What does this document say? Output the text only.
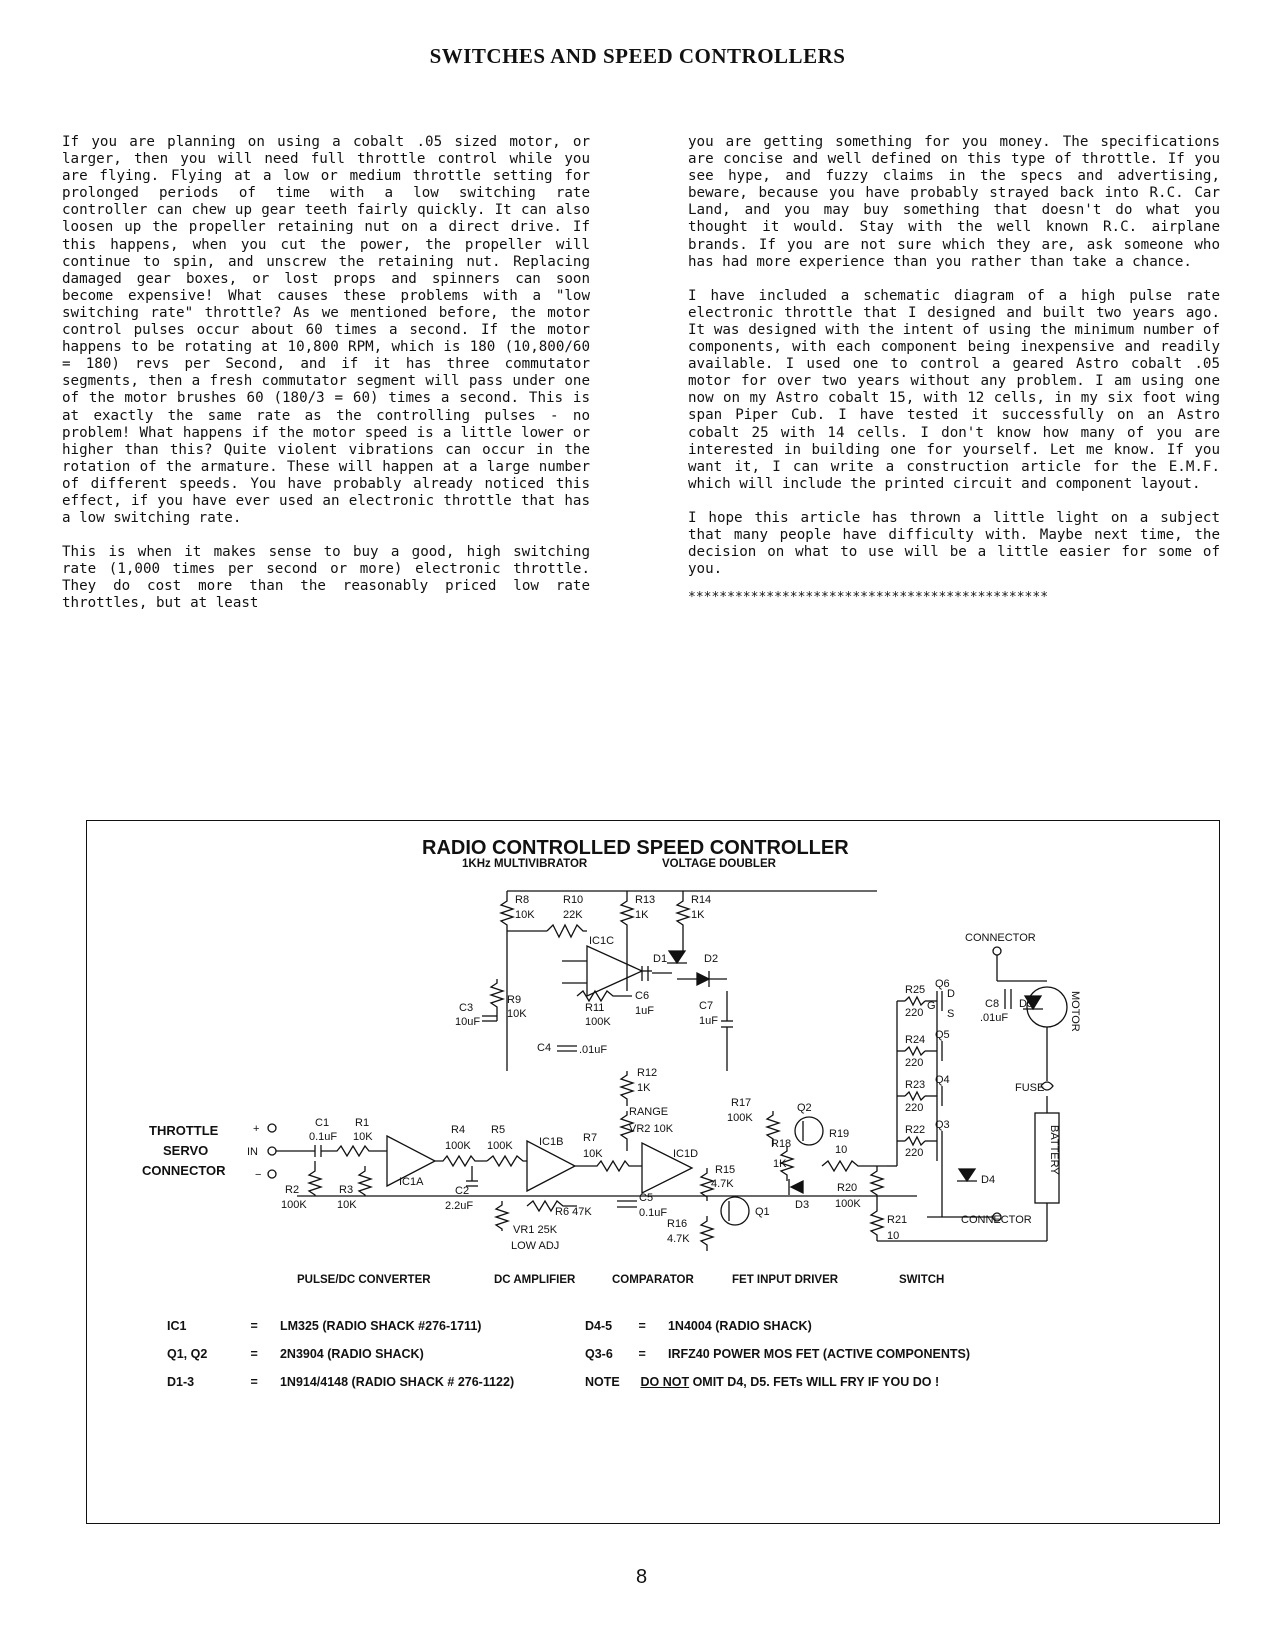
SWITCHES AND SPEED CONTROLLERS

If you are planning on using a cobalt .05 sized motor, or larger, then you will need full throttle control while you are flying. Flying at a low or medium throttle setting for prolonged periods of time with a low switching rate controller can chew up gear teeth fairly quickly. It can also loosen up the propeller retaining nut on a direct drive. If this happens, when you cut the power, the propeller will continue to spin, and unscrew the retaining nut. Replacing damaged gear boxes, or lost props and spinners can soon become expensive! What causes these problems with a "low switching rate" throttle? As we mentioned before, the motor control pulses occur about 60 times a second. If the motor happens to be rotating at 10,800 RPM, which is 180 (10,800/60 = 180) revs per Second, and if it has three commutator segments, then a fresh commutator segment will pass under one of the motor brushes 60 (180/3 = 60) times a second. This is at exactly the same rate as the controlling pulses - no problem! What happens if the motor speed is a little lower or higher than this? Quite violent vibrations can occur in the rotation of the armature. These will happen at a large number of different speeds. You have probably already noticed this effect, if you have ever used an electronic throttle that has a low switching rate.

This is when it makes sense to buy a good, high switching rate (1,000 times per second or more) electronic throttle. They do cost more than the reasonably priced low rate throttles, but at least

you are getting something for you money. The specifications are concise and well defined on this type of throttle. If you see hype, and fuzzy claims in the specs and advertising, beware, because you have probably strayed back into R.C. Car Land, and you may buy something that doesn't do what you thought it would. Stay with the well known R.C. airplane brands. If you are not sure which they are, ask someone who has had more experience than you rather than take a chance.

I have included a schematic diagram of a high pulse rate electronic throttle that I designed and built two years ago. It was designed with the intent of using the minimum number of components, with each component being inexpensive and readily available. I used one to control a geared Astro cobalt .05 motor for over two years without any problem. I am using one now on my Astro cobalt 15, with 12 cells, in my six foot wing span Piper Cub. I have tested it successfully on an Astro cobalt 25 with 14 cells. I don't know how many of you are interested in building one for yourself. Let me know. If you want it, I can write a construction article for the E.M.F. which will include the printed circuit and component layout.

I hope this article has thrown a little light on a subject that many people have difficulty with. Maybe next time, the decision on what to use will be a little easier for some of you.

**********************************************
RADIO CONTROLLED SPEED CONTROLLER
1KHz MULTIVIBRATOR	VOLTAGE DOUBLER
PULSE/DC CONVERTER	DC AMPLIFIER	COMPARATOR	FET INPUT DRIVER	SWITCH
THROTTLE
SERVO
CONNECTOR
+
IN
−
CONNECTOR
CONNECTOR
MOTOR
FUSE
BATTERY
R8
10K
R10
22K
R13
1K
R14
1K
IC1C
R9
10K	R11
100K
C3
10uF
C4	.01uF
D1	D2
C6
1uF	C7
1uF
Q6
Q5
Q4
Q3
C8
.01uF
D5
D4
R25
220
R24
220
R23
220
R22
220
G
D
S
C1
0.1uF
R1
10K
R2
100K
R3
10K
IC1A
R4
100K
R5
100K
C2
2.2uF
IC1B
R6 47K
VR1 25K
LOW ADJ
R7
10K
R12
1K
RANGE
VR2 10K
IC1D
C5
0.1uF
R15
4.7K
R16
4.7K
Q1
Q2
R17
100K
R18
1K
R19
10
D3
R20
100K
R21
10
IC1	= LM325 (RADIO SHACK #276-1711)
Q1, Q2	= 2N3904 (RADIO SHACK)
D1-3	= 1N914/4148 (RADIO SHACK # 276-1122)
D4-5 = 1N4004 (RADIO SHACK)
Q3-6 = IRFZ40 POWER MOS FET (ACTIVE COMPONENTS)
NOTE DO NOT OMIT D4, D5. FETs WILL FRY IF YOU DO !
8
